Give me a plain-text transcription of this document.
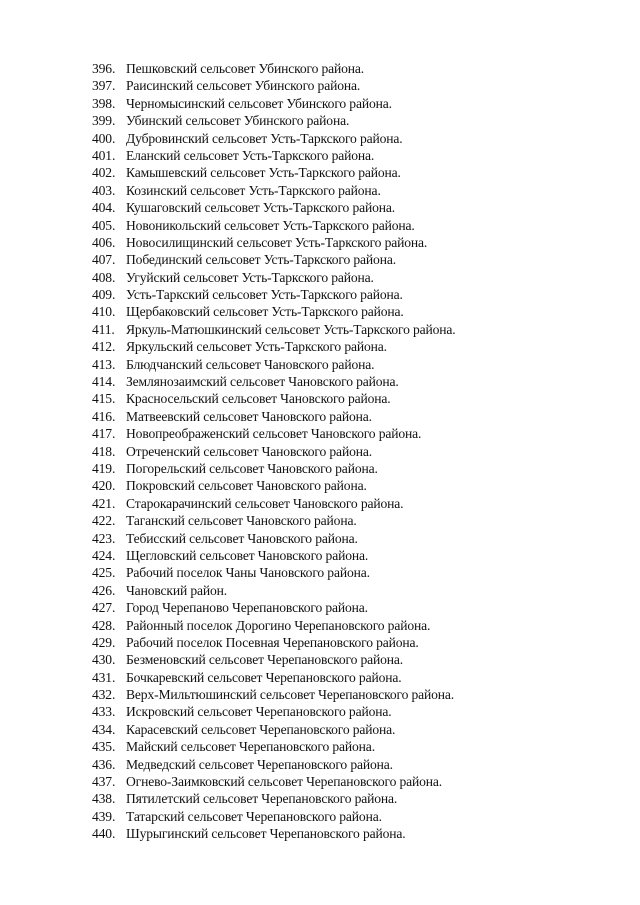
396. Пешковский сельсовет Убинского района.
397. Раисинский сельсовет Убинского района.
398. Черномысинский сельсовет Убинского района.
399. Убинский сельсовет Убинского района.
400. Дубровинский сельсовет Усть-Таркского района.
401. Еланский сельсовет Усть-Таркского района.
402. Камышевский сельсовет Усть-Таркского района.
403. Козинский сельсовет Усть-Таркского района.
404. Кушаговский сельсовет Усть-Таркского района.
405. Новоникольский сельсовет Усть-Таркского района.
406. Новосилищинский сельсовет Усть-Таркского района.
407. Побединский сельсовет Усть-Таркского района.
408. Угуйский сельсовет Усть-Таркского района.
409. Усть-Таркский сельсовет Усть-Таркского района.
410. Щербаковский сельсовет Усть-Таркского района.
411. Яркуль-Матюшкинский сельсовет Усть-Таркского района.
412. Яркульский сельсовет Усть-Таркского района.
413. Блюдчанский сельсовет Чановского района.
414. Землянозаимский сельсовет Чановского района.
415. Красносельский сельсовет Чановского района.
416. Матвеевский сельсовет Чановского района.
417. Новопреображенский сельсовет Чановского района.
418. Отреченский сельсовет Чановского района.
419. Погорельский сельсовет Чановского района.
420. Покровский сельсовет Чановского района.
421. Старокарачинский сельсовет Чановского района.
422. Таганский сельсовет Чановского района.
423. Тебисский сельсовет Чановского района.
424. Щегловский сельсовет Чановского района.
425. Рабочий поселок Чаны Чановского района.
426. Чановский район.
427. Город Черепаново Черепановского района.
428. Районный поселок Дорогино Черепановского района.
429. Рабочий поселок Посевная Черепановского района.
430. Безменовский сельсовет Черепановского района.
431. Бочкаревский сельсовет Черепановского района.
432. Верх-Мильтюшинский сельсовет Черепановского района.
433. Искровский сельсовет Черепановского района.
434. Карасевский сельсовет Черепановского района.
435. Майский сельсовет Черепановского района.
436. Медведский сельсовет Черепановского района.
437. Огнево-Заимковский сельсовет Черепановского района.
438. Пятилетский сельсовет Черепановского района.
439. Татарский сельсовет Черепановского района.
440. Шурыгинский сельсовет Черепановского района.
